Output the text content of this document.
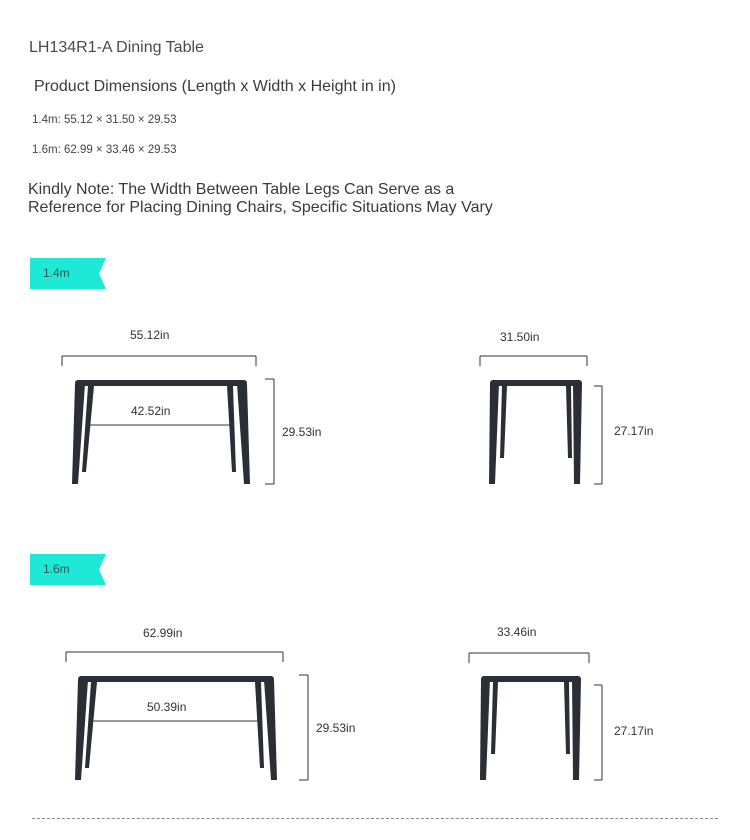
LH134R1-A Dining Table
Product Dimensions (Length x Width x Height in in)
1.4m: 55.12 × 31.50 × 29.53
1.6m: 62.99 × 33.46 × 29.53
Kindly Note: The Width Between Table Legs Can Serve as a
Reference for Placing Dining Chairs, Specific Situations May Vary
1.4m
1.6m
55.12in
42.52in
29.53in
31.50in
27.17in
62.99in
50.39in
29.53in
33.46in
27.17in
